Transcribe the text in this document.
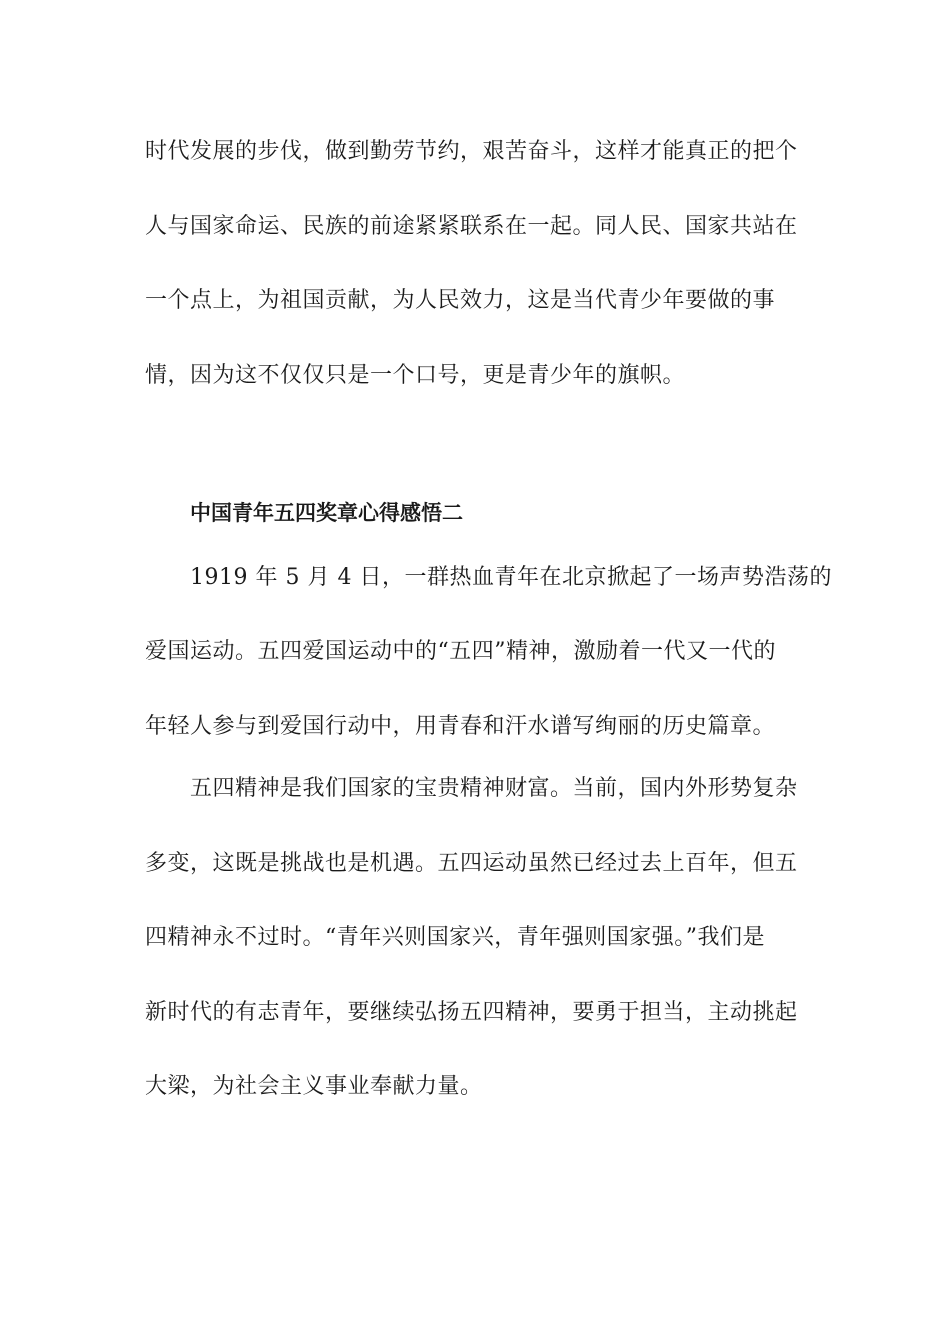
时代发展的步伐，做到勤劳节约，艰苦奋斗，这样才能真正的把个
人与国家命运、民族的前途紧紧联系在一起。同人民、国家共站在
一个点上，为祖国贡献，为人民效力，这是当代青少年要做的事
情，因为这不仅仅只是一个口号，更是青少年的旗帜。
中国青年五四奖章心得感悟二
1919 年 5 月 4 日，一群热血青年在北京掀起了一场声势浩荡的
爱国运动。五四爱国运动中的“五四”精神，激励着一代又一代的
年轻人参与到爱国行动中，用青春和汗水谱写绚丽的历史篇章。
五四精神是我们国家的宝贵精神财富。当前，国内外形势复杂
多变，这既是挑战也是机遇。五四运动虽然已经过去上百年，但五
四精神永不过时。“青年兴则国家兴，青年强则国家强。”我们是
新时代的有志青年，要继续弘扬五四精神，要勇于担当，主动挑起
大梁，为社会主义事业奉献力量。
